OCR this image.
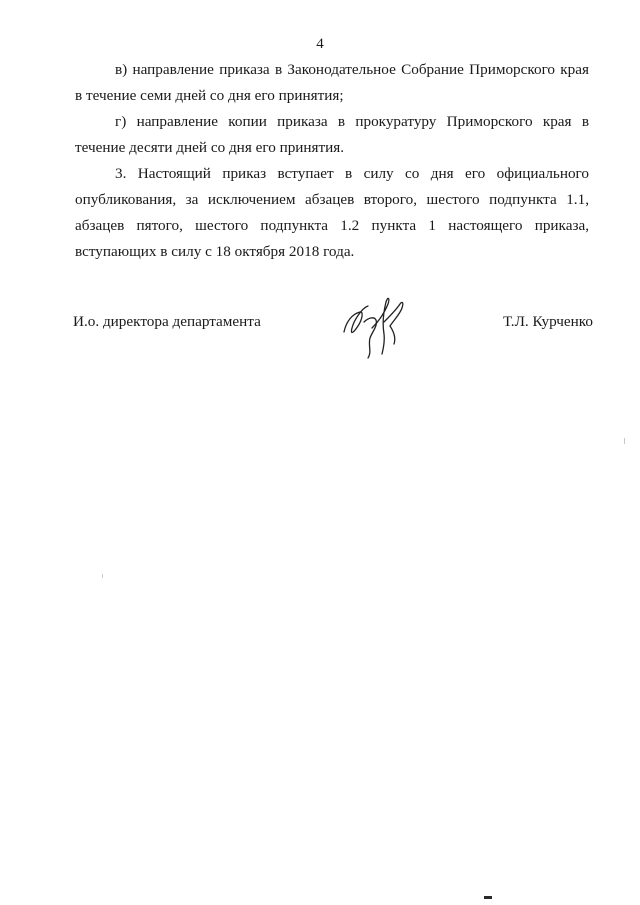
4

в) направление приказа в Законодательное Собрание Приморского края в течение семи дней со дня его принятия;

г) направление копии приказа в прокуратуру Приморского края в течение десяти дней со дня его принятия.

3. Настоящий приказ вступает в силу со дня его официального опубликования, за исключением абзацев второго, шестого подпункта 1.1, абзацев пятого, шестого подпункта 1.2 пункта 1 настоящего приказа, вступающих в силу с 18 октября 2018 года.

И.о. директора департамента	Т.Л. Курченко
